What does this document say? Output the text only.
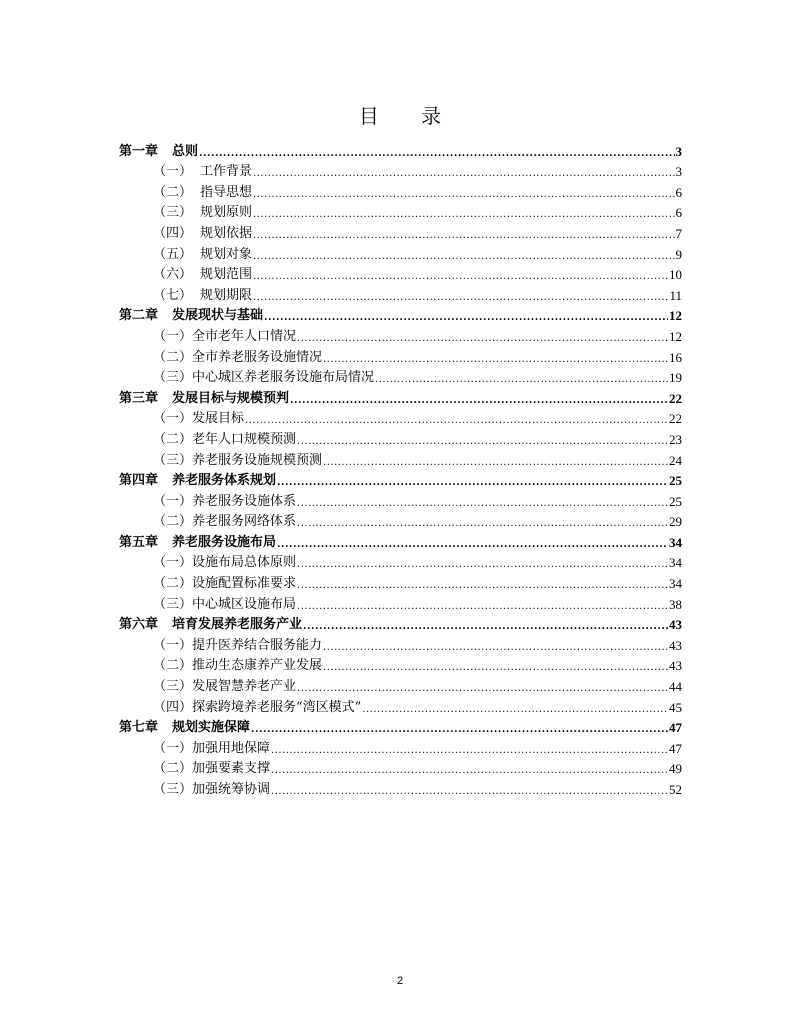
目 录
第一章 总则 .....	3
（一） 工作背景 .....	3
（二） 指导思想 .....	6
（三） 规划原则 .....	6
（四） 规划依据 .....	7
（五） 规划对象 .....	9
（六） 规划范围 .....	10
（七） 规划期限 .....	11
第二章 发展现状与基础 .....	12
（一）全市老年人口情况 .....	12
（二）全市养老服务设施情况 .....	16
（三）中心城区养老服务设施布局情况 .....	19
第三章 发展目标与规模预判 .....	22
（一）发展目标 .....	22
（二）老年人口规模预测 .....	23
（三）养老服务设施规模预测 .....	24
第四章 养老服务体系规划 .....	25
（一）养老服务设施体系 .....	25
（二）养老服务网络体系 .....	29
第五章 养老服务设施布局 .....	34
（一）设施布局总体原则 .....	34
（二）设施配置标准要求 .....	34
（三）中心城区设施布局 .....	38
第六章 培育发展养老服务产业 .....	43
（一）提升医养结合服务能力 .....	43
（二）推动生态康养产业发展 .....	43
（三）发展智慧养老产业 .....	44
（四）探索跨境养老服务“湾区模式” .....	45
第七章 规划实施保障 .....	47
（一）加强用地保障 .....	47
（二）加强要素支撑 .....	49
（三）加强统筹协调 .....	52
2
